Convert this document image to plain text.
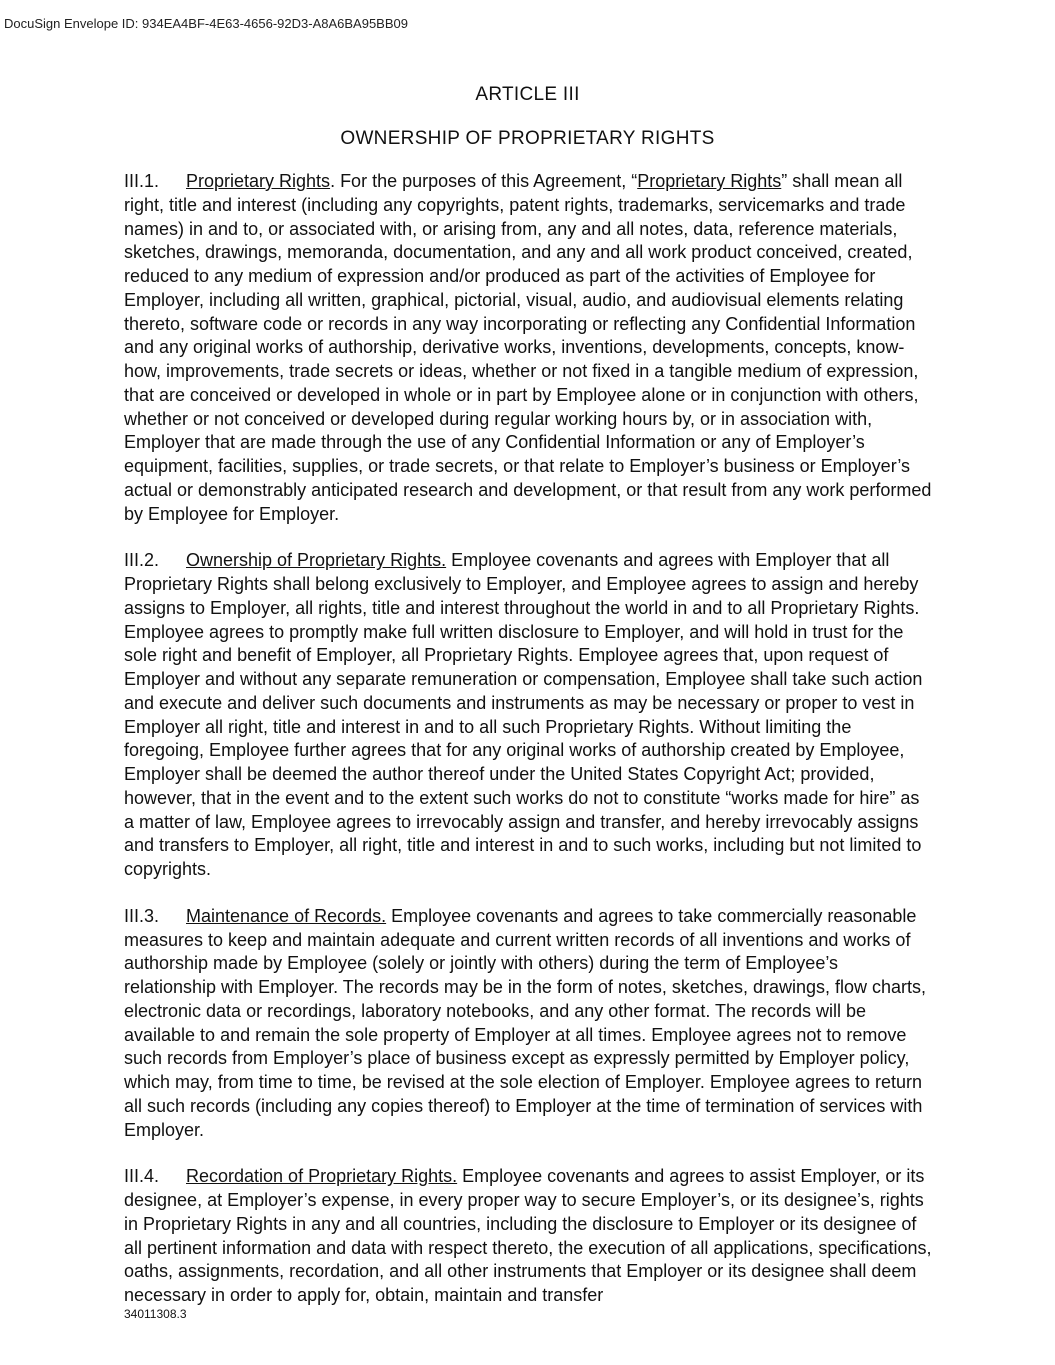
DocuSign Envelope ID: 934EA4BF-4E63-4656-92D3-A8A6BA95BB09
ARTICLE III
OWNERSHIP OF PROPRIETARY RIGHTS

III.1. Proprietary Rights. For the purposes of this Agreement, “Proprietary Rights” shall mean all right, title and interest (including any copyrights, patent rights, trademarks, servicemarks and trade names) in and to, or associated with, or arising from, any and all notes, data, reference materials, sketches, drawings, memoranda, documentation, and any and all work product conceived, created, reduced to any medium of expression and/or produced as part of the activities of Employee for Employer, including all written, graphical, pictorial, visual, audio, and audiovisual elements relating thereto, software code or records in any way incorporating or reflecting any Confidential Information and any original works of authorship, derivative works, inventions, developments, concepts, know-how, improvements, trade secrets or ideas, whether or not fixed in a tangible medium of expression, that are conceived or developed in whole or in part by Employee alone or in conjunction with others, whether or not conceived or developed during regular working hours by, or in association with, Employer that are made through the use of any Confidential Information or any of Employer’s equipment, facilities, supplies, or trade secrets, or that relate to Employer’s business or Employer’s actual or demonstrably anticipated research and development, or that result from any work performed by Employee for Employer.

III.2. Ownership of Proprietary Rights. Employee covenants and agrees with Employer that all Proprietary Rights shall belong exclusively to Employer, and Employee agrees to assign and hereby assigns to Employer, all rights, title and interest throughout the world in and to all Proprietary Rights. Employee agrees to promptly make full written disclosure to Employer, and will hold in trust for the sole right and benefit of Employer, all Proprietary Rights. Employee agrees that, upon request of Employer and without any separate remuneration or compensation, Employee shall take such action and execute and deliver such documents and instruments as may be necessary or proper to vest in Employer all right, title and interest in and to all such Proprietary Rights. Without limiting the foregoing, Employee further agrees that for any original works of authorship created by Employee, Employer shall be deemed the author thereof under the United States Copyright Act; provided, however, that in the event and to the extent such works do not to constitute “works made for hire” as a matter of law, Employee agrees to irrevocably assign and transfer, and hereby irrevocably assigns and transfers to Employer, all right, title and interest in and to such works, including but not limited to copyrights.

III.3. Maintenance of Records. Employee covenants and agrees to take commercially reasonable measures to keep and maintain adequate and current written records of all inventions and works of authorship made by Employee (solely or jointly with others) during the term of Employee’s relationship with Employer. The records may be in the form of notes, sketches, drawings, flow charts, electronic data or recordings, laboratory notebooks, and any other format. The records will be available to and remain the sole property of Employer at all times. Employee agrees not to remove such records from Employer’s place of business except as expressly permitted by Employer policy, which may, from time to time, be revised at the sole election of Employer. Employee agrees to return all such records (including any copies thereof) to Employer at the time of termination of services with Employer.

III.4. Recordation of Proprietary Rights. Employee covenants and agrees to assist Employer, or its designee, at Employer’s expense, in every proper way to secure Employer’s, or its designee’s, rights in Proprietary Rights in any and all countries, including the disclosure to Employer or its designee of all pertinent information and data with respect thereto, the execution of all applications, specifications, oaths, assignments, recordation, and all other instruments that Employer or its designee shall deem necessary in order to apply for, obtain, maintain and transfer

34011308.3
